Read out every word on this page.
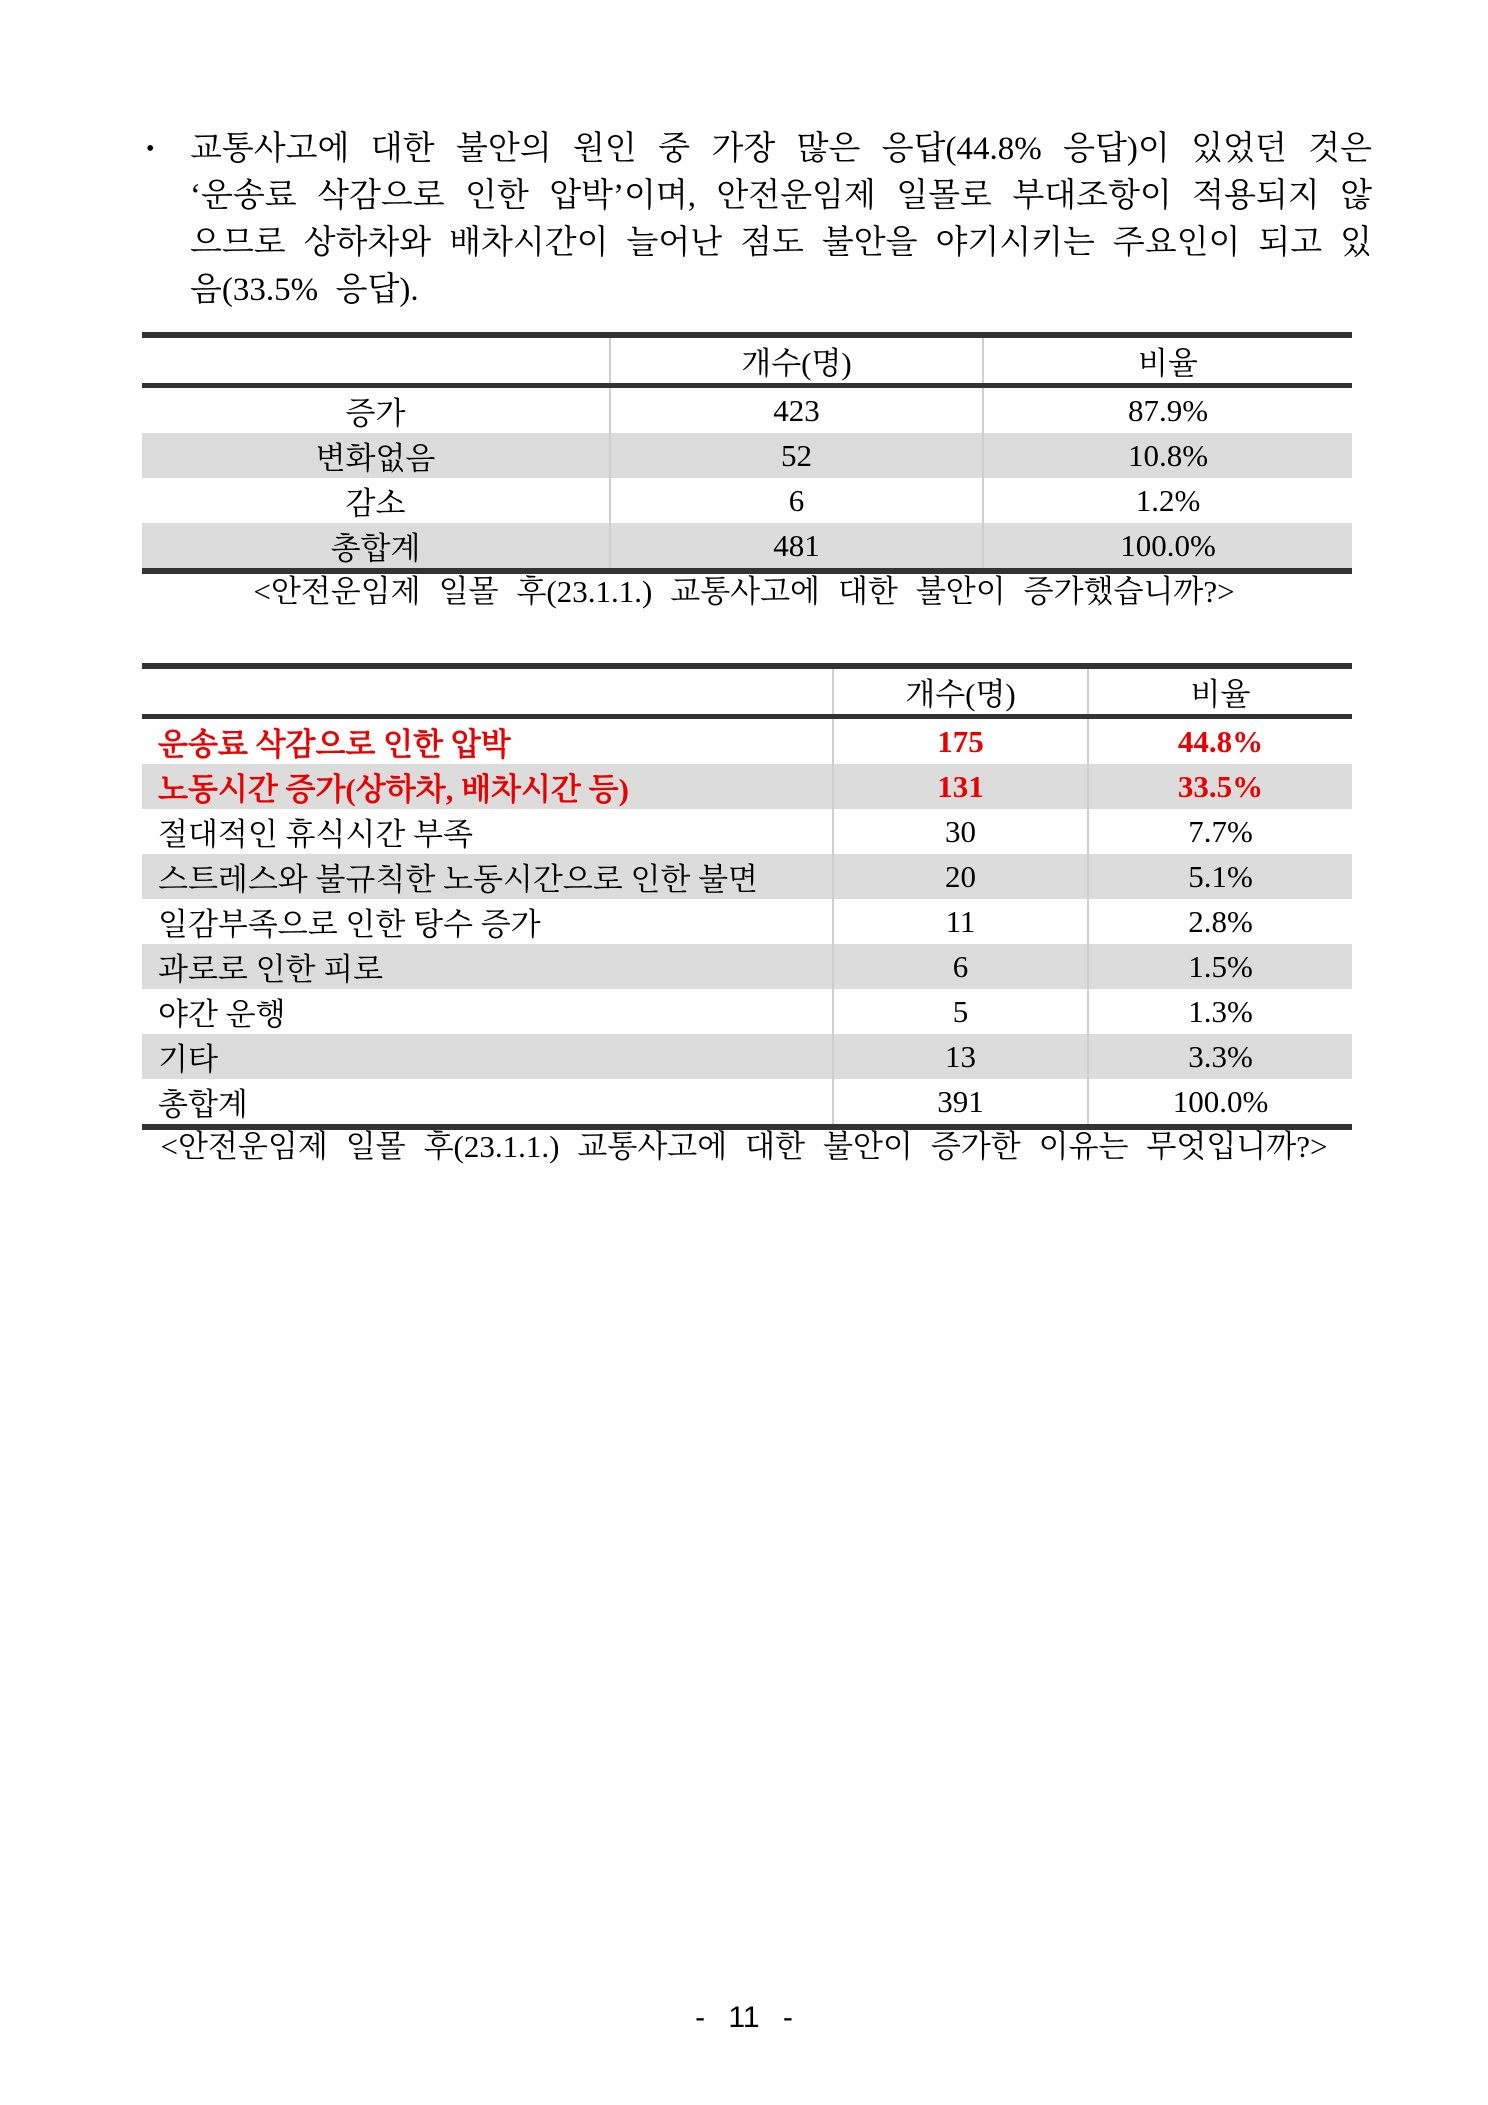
•	교통사고에 대한 불안의 원인 중 가장 많은 응답(44.8% 응답)이 있었던 것은 ‘운송료 삭감으로 인한 압박’이며, 안전운임제 일몰로 부대조항이 적용되지 않으므로 상하차와 배차시간이 늘어난 점도 불안을 야기시키는 주요인이 되고 있음(33.5% 응답).

	개수(명)	비율
증가	423	87.9%
변화없음	52	10.8%
감소	6	1.2%
총합계	481	100.0%
<안전운임제 일몰 후(23.1.1.) 교통사고에 대한 불안이 증가했습니까?>
	개수(명)	비율
운송료 삭감으로 인한 압박	175	44.8%
노동시간 증가(상하차, 배차시간 등)	131	33.5%
절대적인 휴식시간 부족	30	7.7%
스트레스와 불규칙한 노동시간으로 인한 불면	20	5.1%
일감부족으로 인한 탕수 증가	11	2.8%
과로로 인한 피로	6	1.5%
야간 운행	5	1.3%
기타	13	3.3%
총합계	391	100.0%
<안전운임제 일몰 후(23.1.1.) 교통사고에 대한 불안이 증가한 이유는 무엇입니까?>
- 11 -
